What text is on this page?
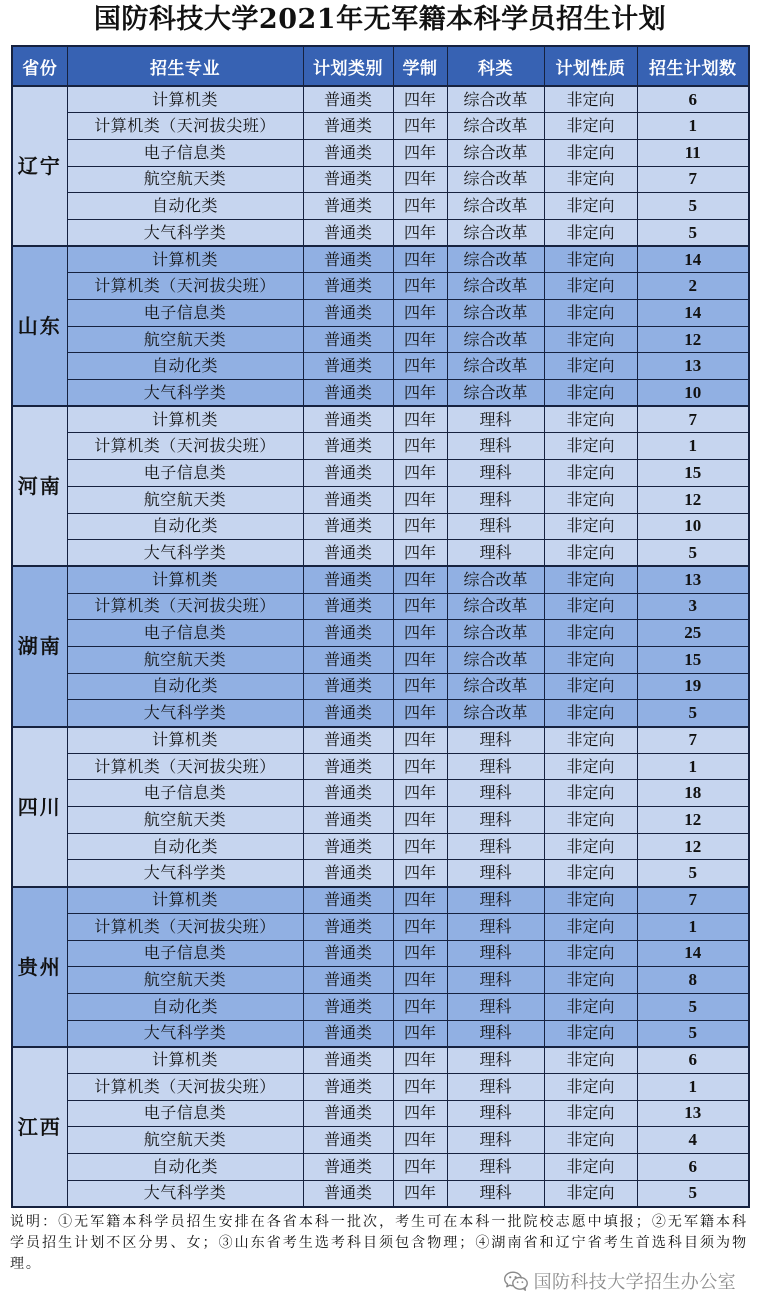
国防科技大学2021年无军籍本科学员招生计划
省份	招生专业	计划类别	学制	科类	计划性质	招生计划数
辽宁	计算机类	普通类	四年	综合改革	非定向	6
	计算机类（天河拔尖班）	普通类	四年	综合改革	非定向	1
	电子信息类	普通类	四年	综合改革	非定向	11
	航空航天类	普通类	四年	综合改革	非定向	7
	自动化类	普通类	四年	综合改革	非定向	5
	大气科学类	普通类	四年	综合改革	非定向	5
山东	计算机类	普通类	四年	综合改革	非定向	14
	计算机类（天河拔尖班）	普通类	四年	综合改革	非定向	2
	电子信息类	普通类	四年	综合改革	非定向	14
	航空航天类	普通类	四年	综合改革	非定向	12
	自动化类	普通类	四年	综合改革	非定向	13
	大气科学类	普通类	四年	综合改革	非定向	10
河南	计算机类	普通类	四年	理科	非定向	7
	计算机类（天河拔尖班）	普通类	四年	理科	非定向	1
	电子信息类	普通类	四年	理科	非定向	15
	航空航天类	普通类	四年	理科	非定向	12
	自动化类	普通类	四年	理科	非定向	10
	大气科学类	普通类	四年	理科	非定向	5
湖南	计算机类	普通类	四年	综合改革	非定向	13
	计算机类（天河拔尖班）	普通类	四年	综合改革	非定向	3
	电子信息类	普通类	四年	综合改革	非定向	25
	航空航天类	普通类	四年	综合改革	非定向	15
	自动化类	普通类	四年	综合改革	非定向	19
	大气科学类	普通类	四年	综合改革	非定向	5
四川	计算机类	普通类	四年	理科	非定向	7
	计算机类（天河拔尖班）	普通类	四年	理科	非定向	1
	电子信息类	普通类	四年	理科	非定向	18
	航空航天类	普通类	四年	理科	非定向	12
	自动化类	普通类	四年	理科	非定向	12
	大气科学类	普通类	四年	理科	非定向	5
贵州	计算机类	普通类	四年	理科	非定向	7
	计算机类（天河拔尖班）	普通类	四年	理科	非定向	1
	电子信息类	普通类	四年	理科	非定向	14
	航空航天类	普通类	四年	理科	非定向	8
	自动化类	普通类	四年	理科	非定向	5
	大气科学类	普通类	四年	理科	非定向	5
江西	计算机类	普通类	四年	理科	非定向	6
	计算机类（天河拔尖班）	普通类	四年	理科	非定向	1
	电子信息类	普通类	四年	理科	非定向	13
	航空航天类	普通类	四年	理科	非定向	4
	自动化类	普通类	四年	理科	非定向	6
	大气科学类	普通类	四年	理科	非定向	5
说明：①无军籍本科学员招生安排在各省本科一批次，考生可在本科一批院校志愿中填报；②无军籍本科学员招生计划不区分男、女；③山东省考生选考科目须包含物理；④湖南省和辽宁省考生首选科目须为物理。
国防科技大学招生办公室
